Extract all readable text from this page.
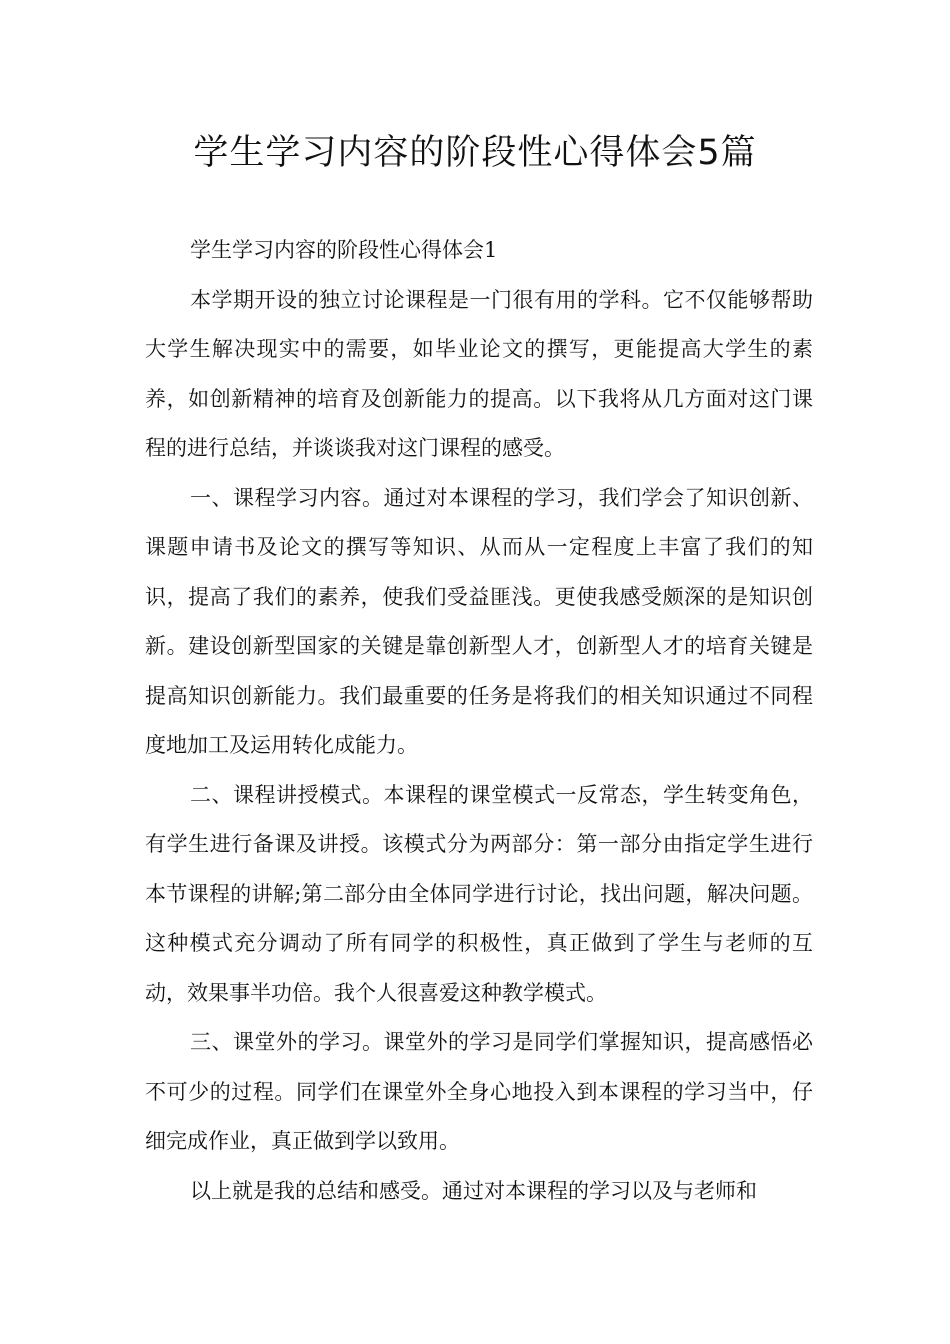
学生学习内容的阶段性心得体会5篇

学生学习内容的阶段性心得体会1

本学期开设的独立讨论课程是一门很有用的学科。它不仅能够帮助大学生解决现实中的需要，如毕业论文的撰写，更能提高大学生的素养，如创新精神的培育及创新能力的提高。以下我将从几方面对这门课程的进行总结，并谈谈我对这门课程的感受。

一、课程学习内容。通过对本课程的学习，我们学会了知识创新、课题申请书及论文的撰写等知识、从而从一定程度上丰富了我们的知识，提高了我们的素养，使我们受益匪浅。更使我感受颇深的是知识创新。建设创新型国家的关键是靠创新型人才，创新型人才的培育关键是提高知识创新能力。我们最重要的任务是将我们的相关知识通过不同程度地加工及运用转化成能力。

二、课程讲授模式。本课程的课堂模式一反常态，学生转变角色，有学生进行备课及讲授。该模式分为两部分：第一部分由指定学生进行本节课程的讲解;第二部分由全体同学进行讨论，找出问题，解决问题。这种模式充分调动了所有同学的积极性，真正做到了学生与老师的互动，效果事半功倍。我个人很喜爱这种教学模式。

三、课堂外的学习。课堂外的学习是同学们掌握知识，提高感悟必不可少的过程。同学们在课堂外全身心地投入到本课程的学习当中，仔细完成作业，真正做到学以致用。

以上就是我的总结和感受。通过对本课程的学习以及与老师和
